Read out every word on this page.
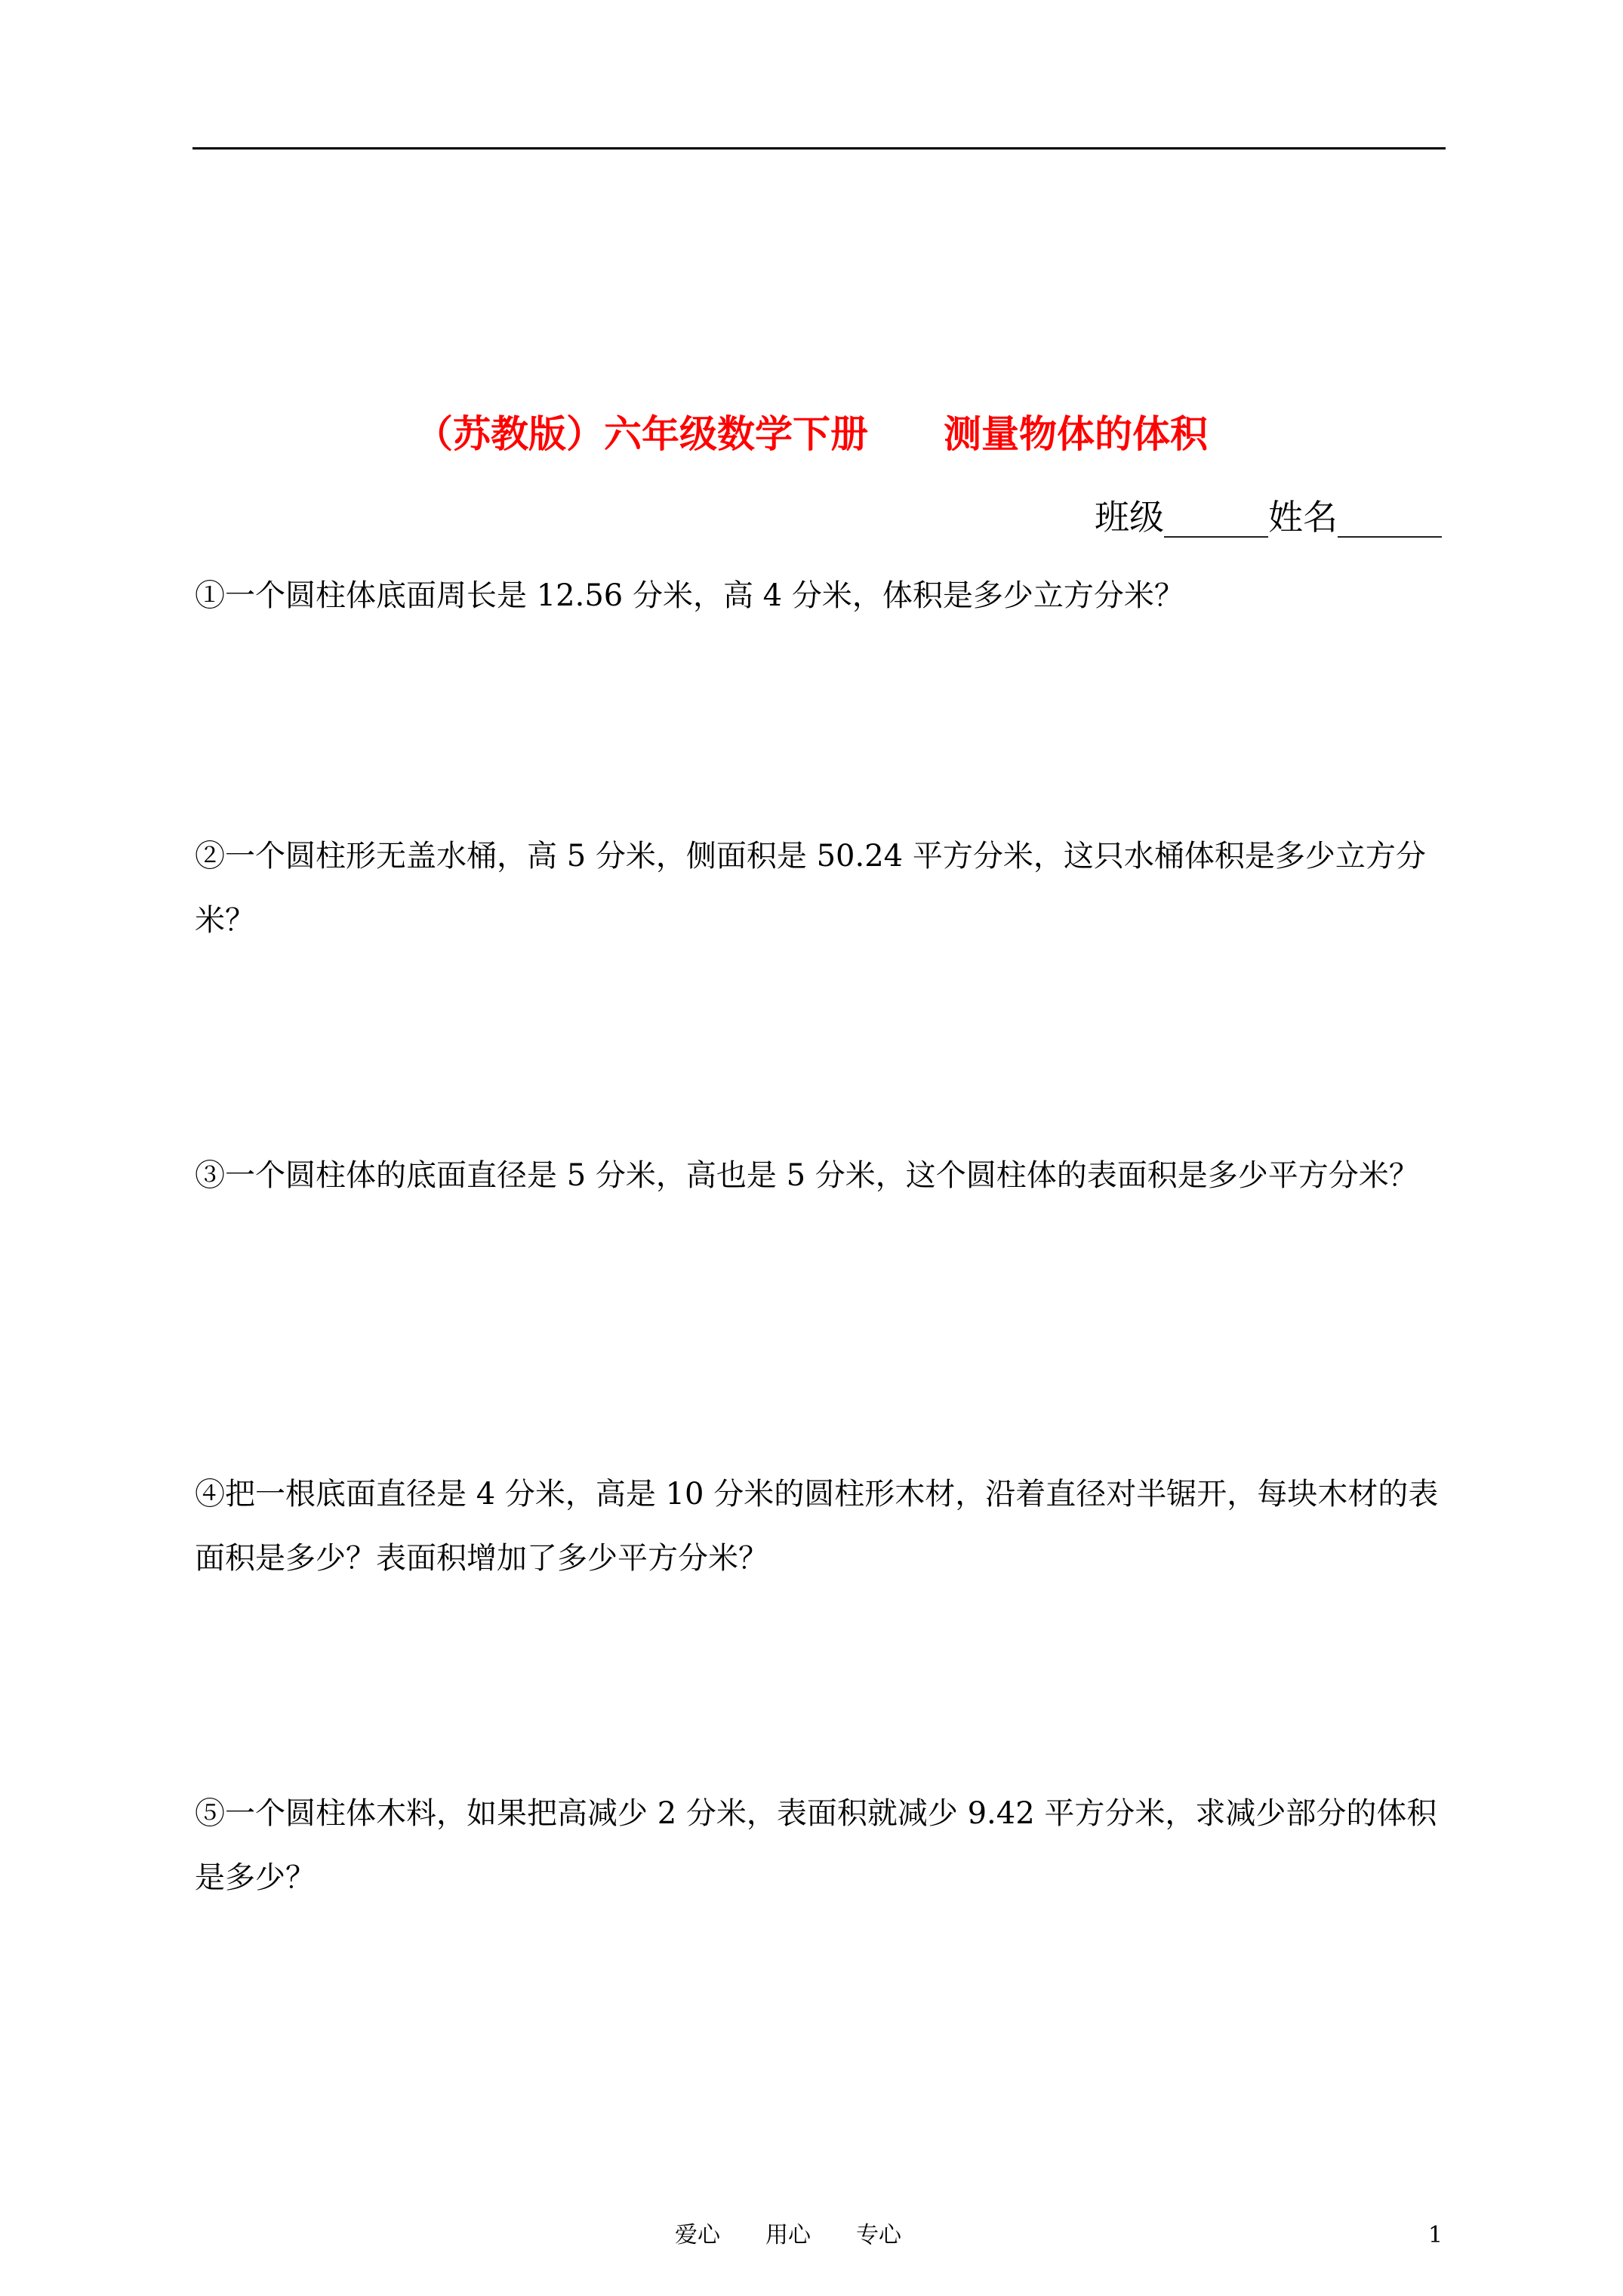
（苏教版）六年级数学下册　　测量物体的体积
班级______姓名______

①一个圆柱体底面周长是 12.56 分米，高 4 分米，体积是多少立方分米？

②一个圆柱形无盖水桶，高 5 分米，侧面积是 50.24 平方分米，这只水桶体积是多少立方分米？

③一个圆柱体的底面直径是 5 分米，高也是 5 分米，这个圆柱体的表面积是多少平方分米？

④把一根底面直径是 4 分米，高是 10 分米的圆柱形木材，沿着直径对半锯开，每块木材的表面积是多少？表面积增加了多少平方分米？

⑤一个圆柱体木料，如果把高减少 2 分米，表面积就减少 9.42 平方分米，求减少部分的体积是多少？

爱心　　用心　　专心	1
